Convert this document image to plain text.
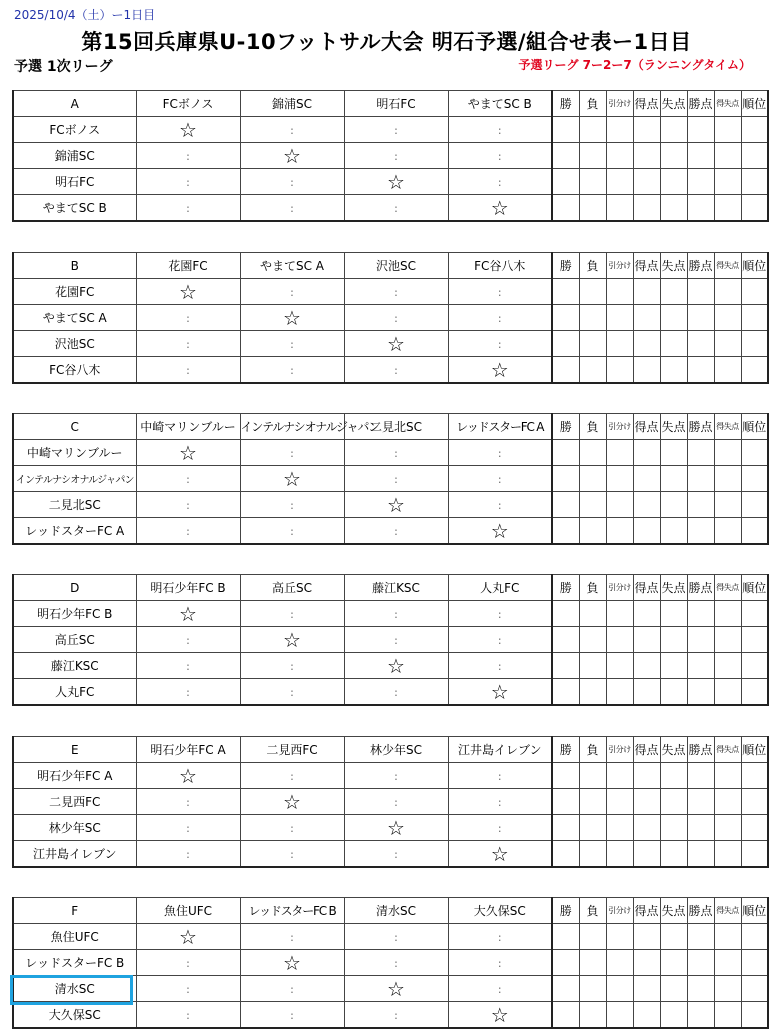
2025/10/4（土）ー1日目
第15回兵庫県U-10フットサル大会 明石予選/組合せ表ー1日目
予選 1次リーグ	予選リーグ 7ー2ー7（ランニングタイム）
A	FCボノス	錦浦SC	明石FC	やまてSC B	勝	負	引分け	得点	失点	勝点	得失点	順位
FCボノス	☆	:	:	:								
錦浦SC	:	☆	:	:								
明石FC	:	:	☆	:								
やまてSC B	:	:	:	☆								
B	花園FC	やまてSC A	沢池SC	FC谷八木	勝	負	引分け	得点	失点	勝点	得失点	順位
花園FC	☆	:	:	:								
やまてSC A	:	☆	:	:								
沢池SC	:	:	☆	:								
FC谷八木	:	:	:	☆								
C	中崎マリンブルー	インテルナシオナルジャパン	二見北SC	レッドスターFC A	勝	負	引分け	得点	失点	勝点	得失点	順位
中崎マリンブルー	☆	:	:	:								
インテルナシオナルジャパン	:	☆	:	:								
二見北SC	:	:	☆	:								
レッドスターFC A	:	:	:	☆								
D	明石少年FC B	高丘SC	藤江KSC	人丸FC	勝	負	引分け	得点	失点	勝点	得失点	順位
明石少年FC B	☆	:	:	:								
高丘SC	:	☆	:	:								
藤江KSC	:	:	☆	:								
人丸FC	:	:	:	☆								
E	明石少年FC A	二見西FC	林少年SC	江井島イレブン	勝	負	引分け	得点	失点	勝点	得失点	順位
明石少年FC A	☆	:	:	:								
二見西FC	:	☆	:	:								
林少年SC	:	:	☆	:								
江井島イレブン	:	:	:	☆								
F	魚住UFC	レッドスターFC B	清水SC	大久保SC	勝	負	引分け	得点	失点	勝点	得失点	順位
魚住UFC	☆	:	:	:								
レッドスターFC B	:	☆	:	:								
清水SC	:	:	☆	:								
大久保SC	:	:	:	☆								
